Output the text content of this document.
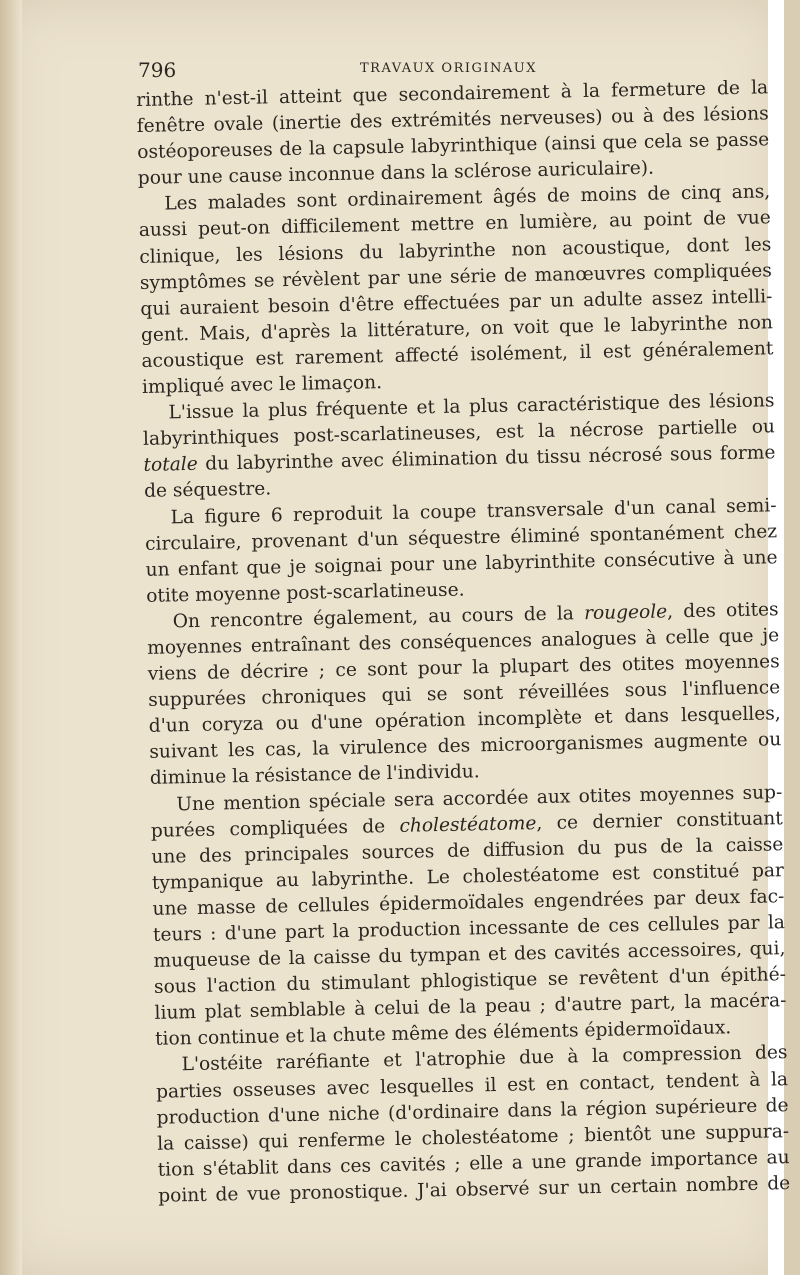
796	TRAVAUX ORIGINAUX
rinthe n'est-il atteint que secondairement à la fermeture de la
fenêtre ovale (inertie des extrémités nerveuses) ou à des lésions
ostéoporeuses de la capsule labyrinthique (ainsi que cela se passe
pour une cause inconnue dans la sclérose auriculaire).
Les malades sont ordinairement âgés de moins de cinq ans,
aussi peut-on difficilement mettre en lumière, au point de vue
clinique, les lésions du labyrinthe non acoustique, dont les
symptômes se révèlent par une série de manœuvres compliquées
qui auraient besoin d'être effectuées par un adulte assez intelli-
gent. Mais, d'après la littérature, on voit que le labyrinthe non
acoustique est rarement affecté isolément, il est généralement
impliqué avec le limaçon.
L'issue la plus fréquente et la plus caractéristique des lésions
labyrinthiques post-scarlatineuses, est la nécrose partielle ou
totale du labyrinthe avec élimination du tissu nécrosé sous forme
de séquestre.
La figure 6 reproduit la coupe transversale d'un canal semi-
circulaire, provenant d'un séquestre éliminé spontanément chez
un enfant que je soignai pour une labyrinthite consécutive à une
otite moyenne post-scarlatineuse.
On rencontre également, au cours de la rougeole, des otites
moyennes entraînant des conséquences analogues à celle que je
viens de décrire ; ce sont pour la plupart des otites moyennes
suppurées chroniques qui se sont réveillées sous l'influence
d'un coryza ou d'une opération incomplète et dans lesquelles,
suivant les cas, la virulence des microorganismes augmente ou
diminue la résistance de l'individu.
Une mention spéciale sera accordée aux otites moyennes sup-
purées compliquées de cholestéatome, ce dernier constituant
une des principales sources de diffusion du pus de la caisse
tympanique au labyrinthe. Le cholestéatome est constitué par
une masse de cellules épidermoïdales engendrées par deux fac-
teurs : d'une part la production incessante de ces cellules par la
muqueuse de la caisse du tympan et des cavités accessoires, qui,
sous l'action du stimulant phlogistique se revêtent d'un épithé-
lium plat semblable à celui de la peau ; d'autre part, la macéra-
tion continue et la chute même des éléments épidermoïdaux.
L'ostéite raréfiante et l'atrophie due à la compression des
parties osseuses avec lesquelles il est en contact, tendent à la
production d'une niche (d'ordinaire dans la région supérieure de
la caisse) qui renferme le cholestéatome ; bientôt une suppura-
tion s'établit dans ces cavités ; elle a une grande importance au
point de vue pronostique. J'ai observé sur un certain nombre de
